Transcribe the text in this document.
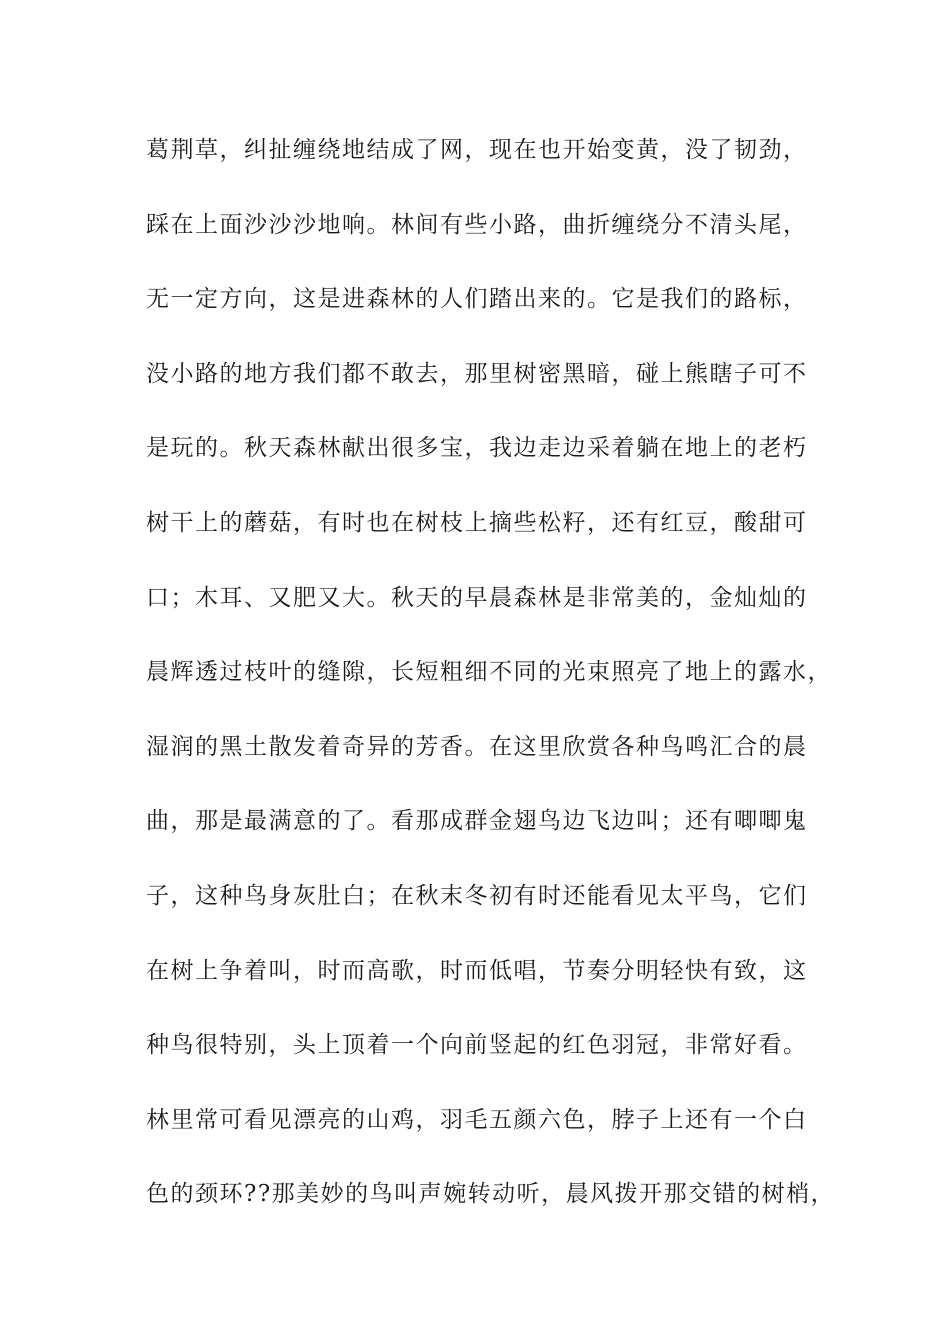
葛荆草，纠扯缠绕地结成了网，现在也开始变黄，没了韧劲，
踩在上面沙沙沙地响。林间有些小路，曲折缠绕分不清头尾，
无一定方向，这是进森林的人们踏出来的。它是我们的路标，
没小路的地方我们都不敢去，那里树密黑暗，碰上熊瞎子可不
是玩的。秋天森林献出很多宝，我边走边采着躺在地上的老朽
树干上的蘑菇，有时也在树枝上摘些松籽，还有红豆，酸甜可
口；木耳、又肥又大。秋天的早晨森林是非常美的，金灿灿的
晨辉透过枝叶的缝隙，长短粗细不同的光束照亮了地上的露水，
湿润的黑土散发着奇异的芳香。在这里欣赏各种鸟鸣汇合的晨
曲，那是最满意的了。看那成群金翅鸟边飞边叫；还有唧唧鬼
子，这种鸟身灰肚白；在秋末冬初有时还能看见太平鸟，它们
在树上争着叫，时而高歌，时而低唱，节奏分明轻快有致，这
种鸟很特别，头上顶着一个向前竖起的红色羽冠，非常好看。
林里常可看见漂亮的山鸡，羽毛五颜六色，脖子上还有一个白
色的颈环??那美妙的鸟叫声婉转动听，晨风拨开那交错的树梢，
